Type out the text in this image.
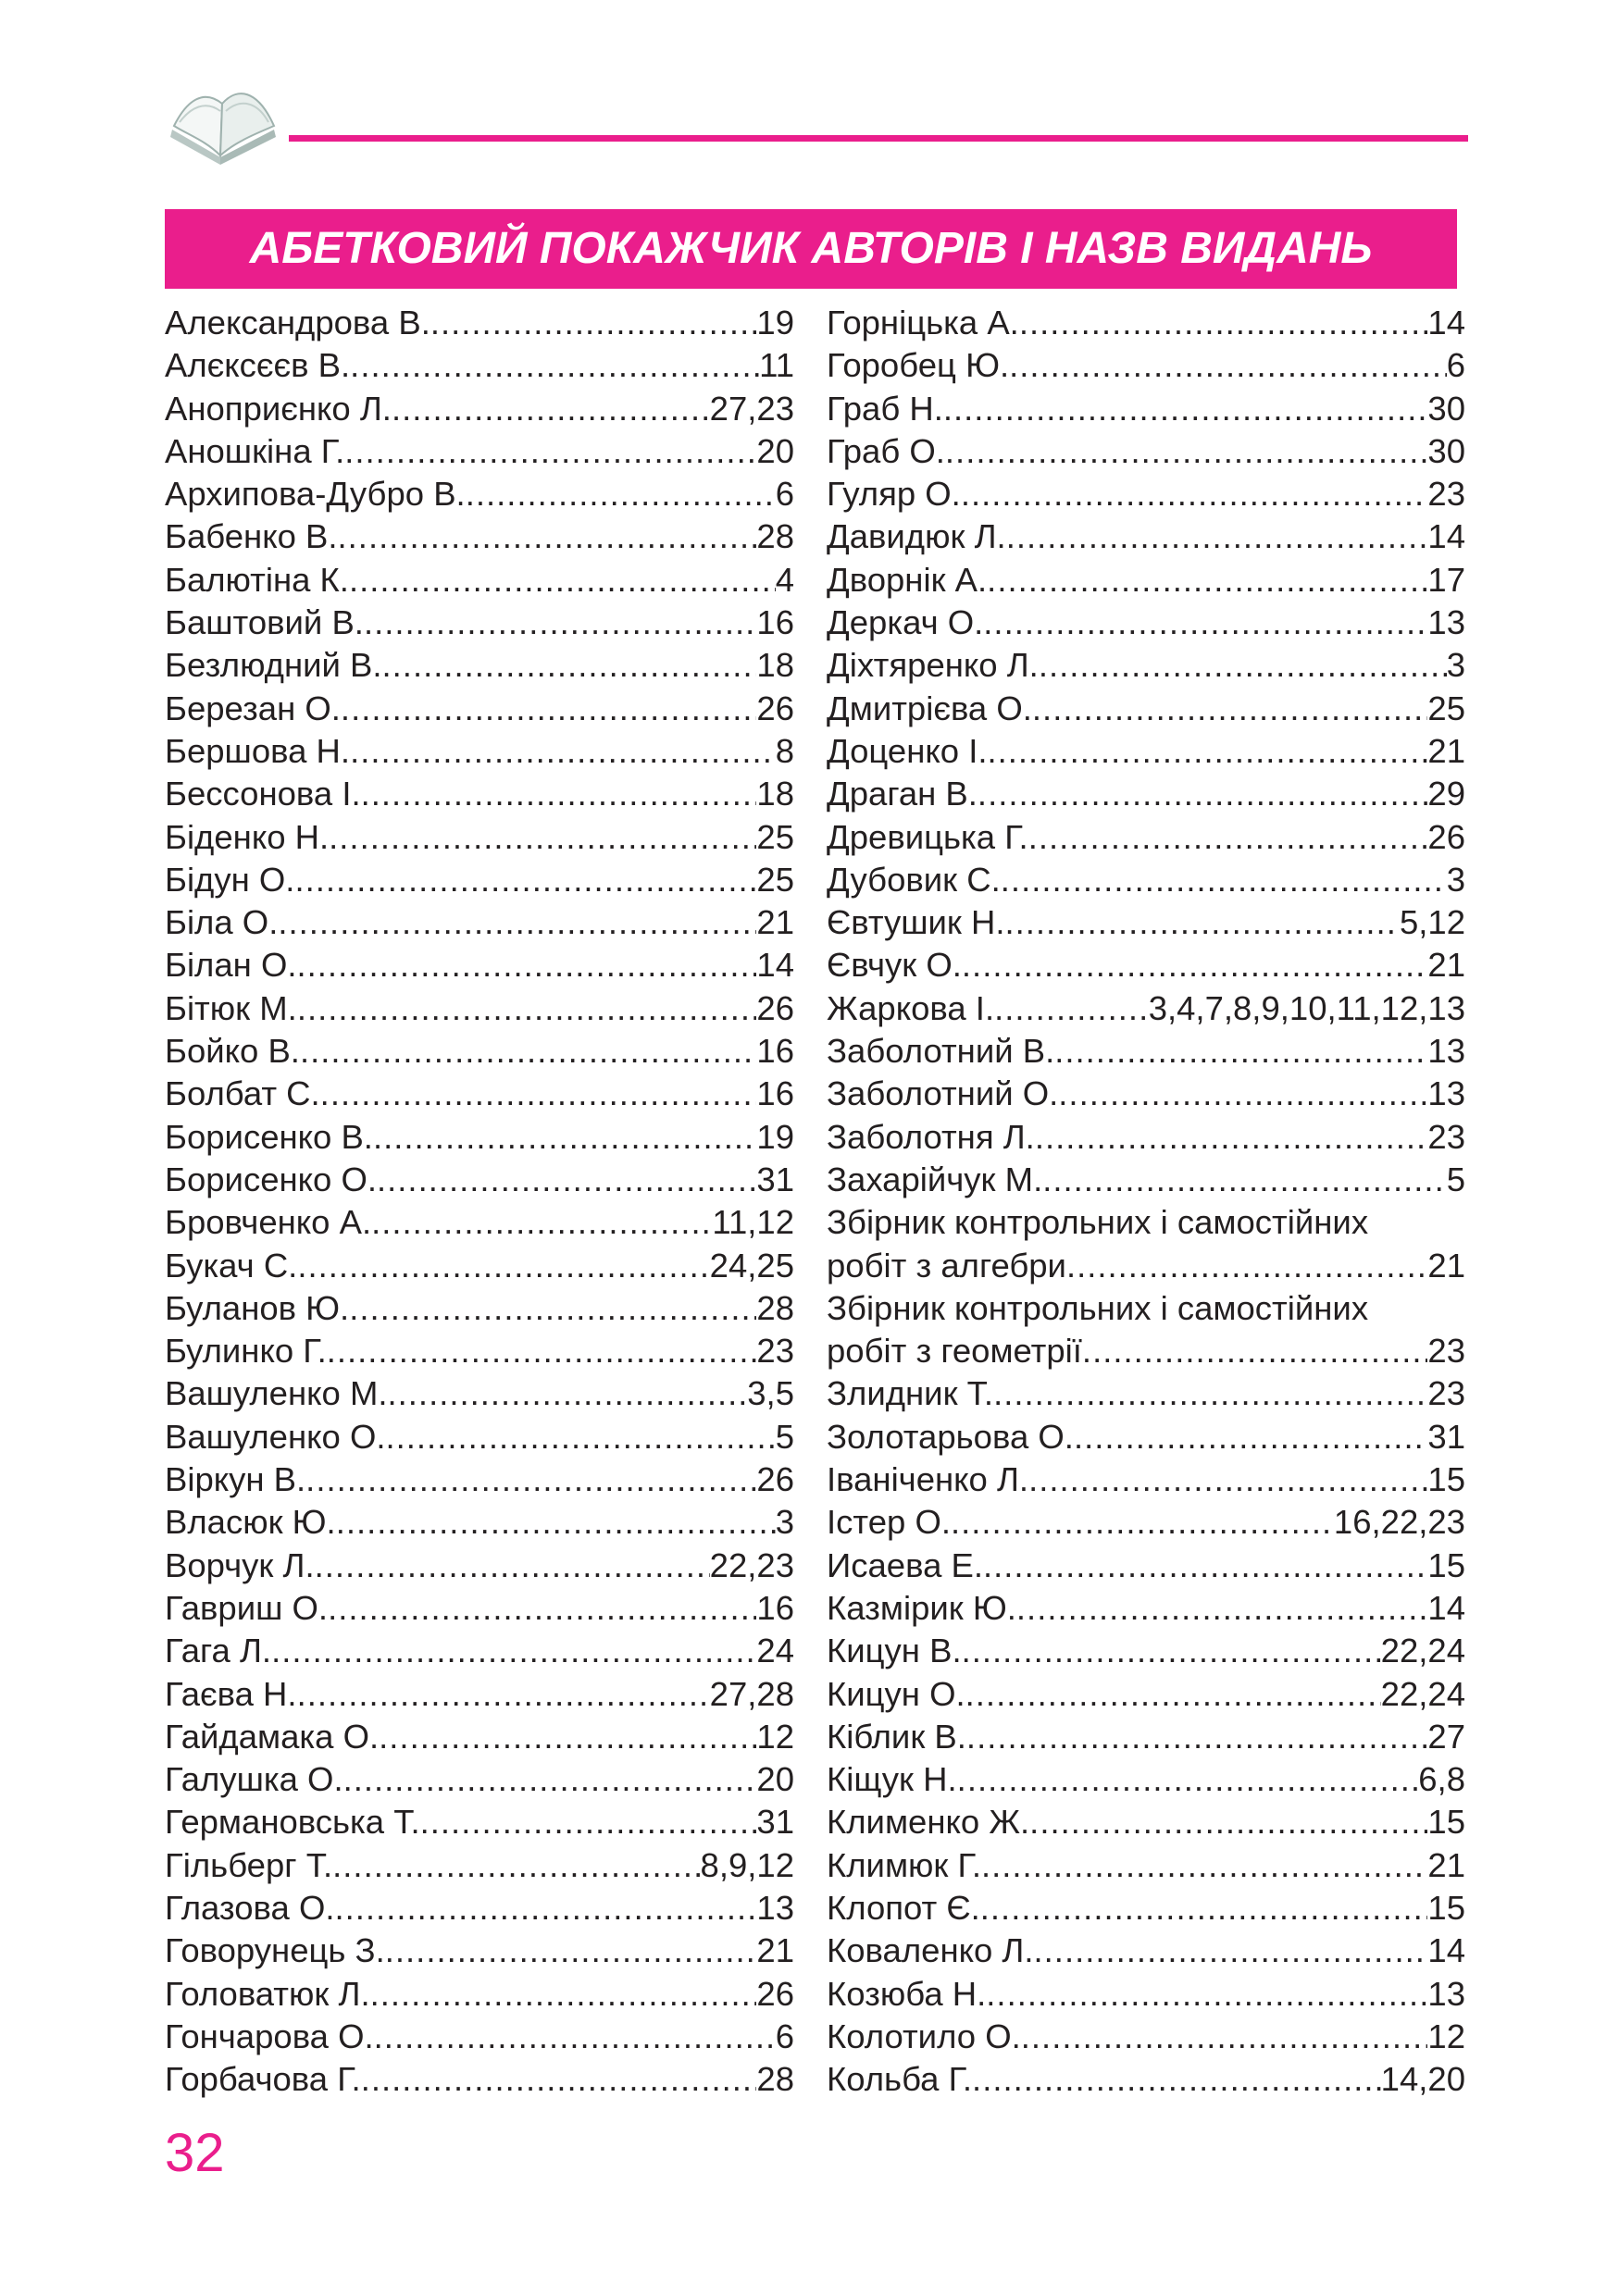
АБЕТКОВИЙ ПОКАЖЧИК АВТОРІВ І НАЗВ ВИДАНЬ
Александрова В. .....	19
Алєксєєв В. .....	11
Аноприєнко Л. .....	27,23
Аношкіна Г. .....	20
Архипова-Дубро В. .....	6
Бабенко В. .....	28
Балютіна К. .....	4
Баштовий В. .....	16
Безлюдний В. .....	18
Березан О. .....	26
Бершова Н. .....	8
Бессонова І. .....	18
Біденко Н. .....	25
Бідун О. .....	25
Біла О. .....	21
Білан О. .....	14
Бітюк М. .....	26
Бойко В. .....	16
Болбат С. .....	16
Борисенко В. .....	19
Борисенко О. .....	31
Бровченко А. .....	11,12
Букач С. .....	24,25
Буланов Ю. .....	28
Булинко Г. .....	23
Вашуленко М. .....	3,5
Вашуленко О. .....	5
Віркун В. .....	26
Власюк Ю. .....	3
Ворчук Л. .....	22,23
Гавриш О. .....	16
Гага Л. .....	24
Гаєва Н. .....	27,28
Гайдамака О. .....	12
Галушка О. .....	20
Германовська Т. .....	31
Гільберг Т. .....	8,9,12
Глазова О. .....	13
Говорунець З. .....	21
Головатюк Л. .....	26
Гончарова О. .....	6
Горбачова Г. .....	28
Горніцька А. .....	14
Горобец Ю. .....	6
Граб Н. .....	30
Граб О. .....	30
Гуляр О. .....	23
Давидюк Л. .....	14
Дворнік А. .....	17
Деркач О. .....	13
Діхтяренко Л. .....	3
Дмитрієва О. .....	25
Доценко І. .....	21
Драган В. .....	29
Древицька Г. .....	26
Дубовик С. .....	3
Євтушик Н. .....	5,12
Євчук О. .....	21
Жаркова І. .....	3,4,7,8,9,10,11,12,13
Заболотний В. .....	13
Заболотний О. .....	13
Заболотня Л. .....	23
Захарійчук М. .....	5
Збірник контрольних і самостійних
робіт з алгебри .....	21
Збірник контрольних і самостійних
робіт з геометрії .....	23
Злидник Т. .....	23
Золотарьова О. .....	31
Іваніченко Л. .....	15
Істер О. .....	16,22,23
Исаева Е. .....	15
Казмірик Ю. .....	14
Кицун В. .....	22,24
Кицун О. .....	22,24
Кіблик В. .....	27
Кіщук Н. .....	6,8
Клименко Ж. .....	15
Климюк Г. .....	21
Клопот Є. .....	15
Коваленко Л. .....	14
Козюба Н. .....	13
Колотило О. .....	12
Кольба Г. .....	14,20
32
